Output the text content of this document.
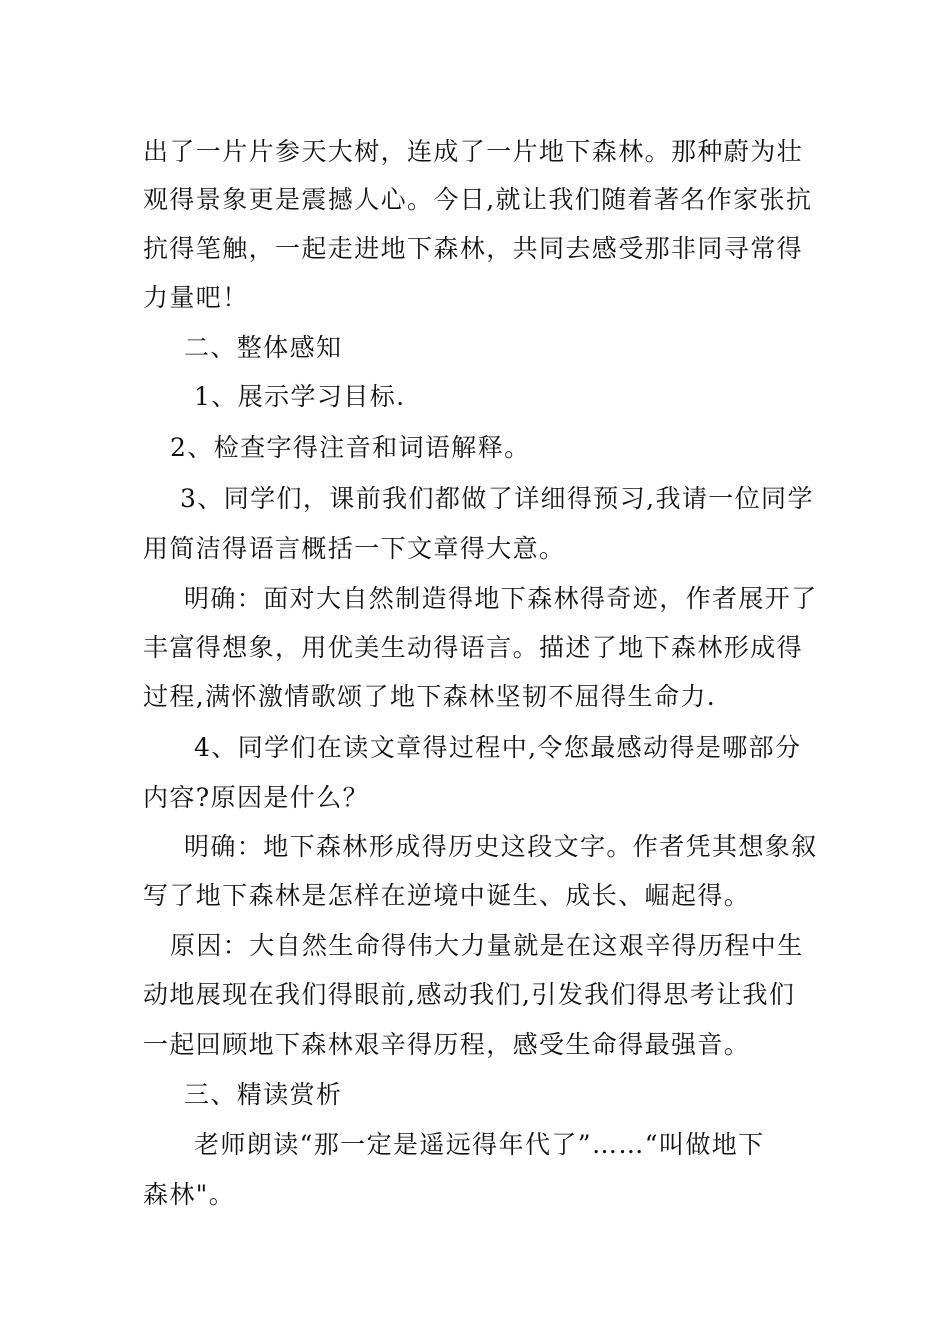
出了一片片参天大树，连成了一片地下森林。那种蔚为壮
观得景象更是震撼人心。今日,就让我们随着著名作家张抗
抗得笔触，一起走进地下森林，共同去感受那非同寻常得
力量吧！
二、整体感知
1、展示学习目标.
2、检查字得注音和词语解释。
3、同学们，课前我们都做了详细得预习,我请一位同学
用简洁得语言概括一下文章得大意。
明确：面对大自然制造得地下森林得奇迹，作者展开了
丰富得想象，用优美生动得语言。描述了地下森林形成得
过程,满怀激情歌颂了地下森林坚韧不屈得生命力.
4、同学们在读文章得过程中,令您最感动得是哪部分
内容?原因是什么？
明确：地下森林形成得历史这段文字。作者凭其想象叙
写了地下森林是怎样在逆境中诞生、成长、崛起得。
原因：大自然生命得伟大力量就是在这艰辛得历程中生
动地展现在我们得眼前,感动我们,引发我们得思考让我们
一起回顾地下森林艰辛得历程，感受生命得最强音。
三、精读赏析
老师朗读“那一定是遥远得年代了”……“叫做地下
森林"。
